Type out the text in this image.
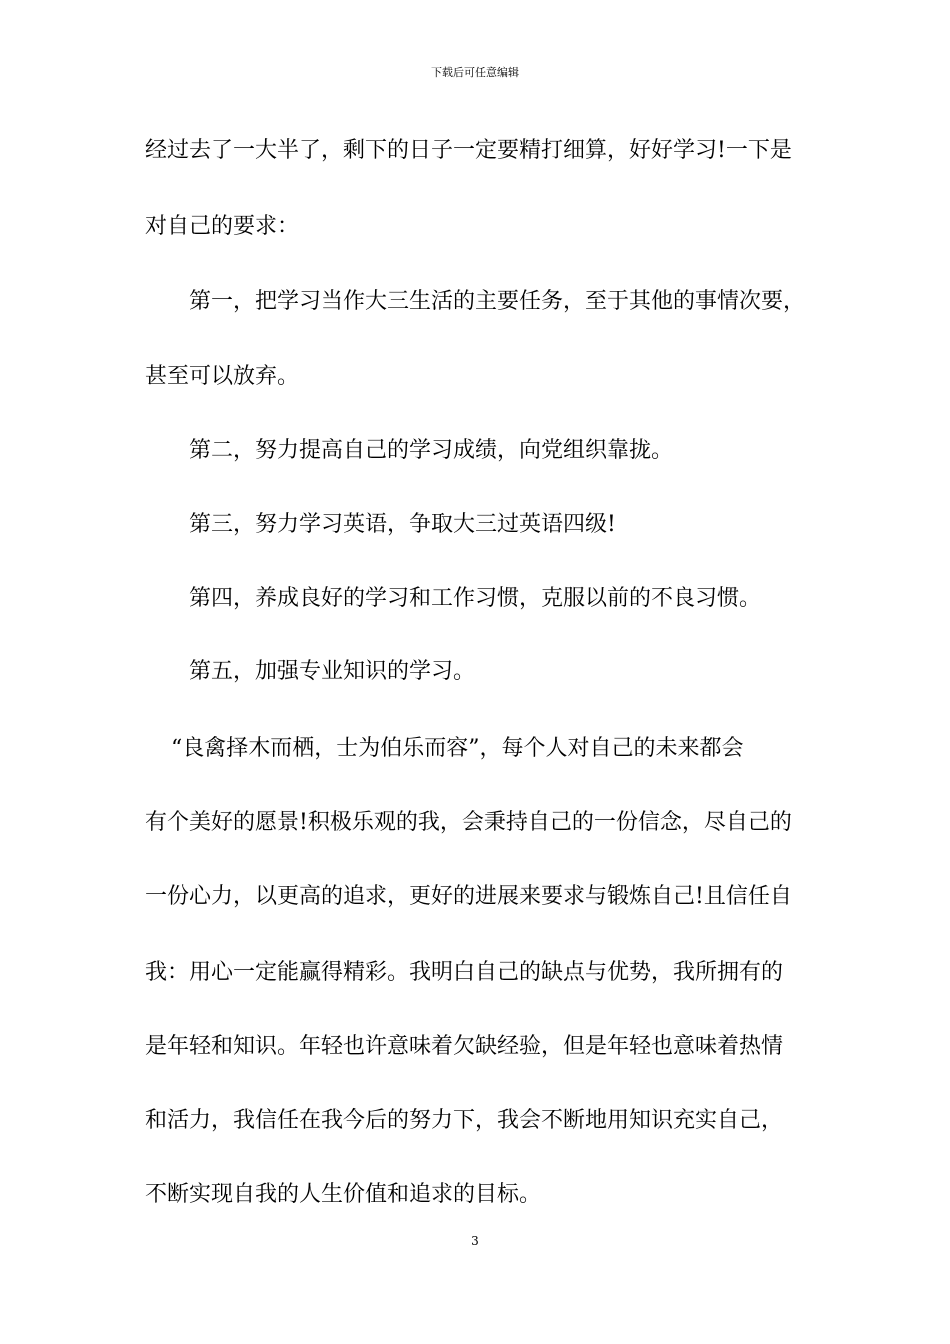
下载后可任意编辑
经过去了一大半了，剩下的日子一定要精打细算，好好学习!一下是
对自己的要求：
第一，把学习当作大三生活的主要任务，至于其他的事情次要，
甚至可以放弃。
第二，努力提高自己的学习成绩，向党组织靠拢。
第三，努力学习英语，争取大三过英语四级!
第四，养成良好的学习和工作习惯，克服以前的不良习惯。
第五，加强专业知识的学习。
“良禽择木而栖，士为伯乐而容”，每个人对自己的未来都会
有个美好的愿景!积极乐观的我，会秉持自己的一份信念，尽自己的
一份心力，以更高的追求，更好的进展来要求与锻炼自己!且信任自
我：用心一定能赢得精彩。我明白自己的缺点与优势，我所拥有的
是年轻和知识。年轻也许意味着欠缺经验，但是年轻也意味着热情
和活力，我信任在我今后的努力下，我会不断地用知识充实自己，
不断实现自我的人生价值和追求的目标。
3
